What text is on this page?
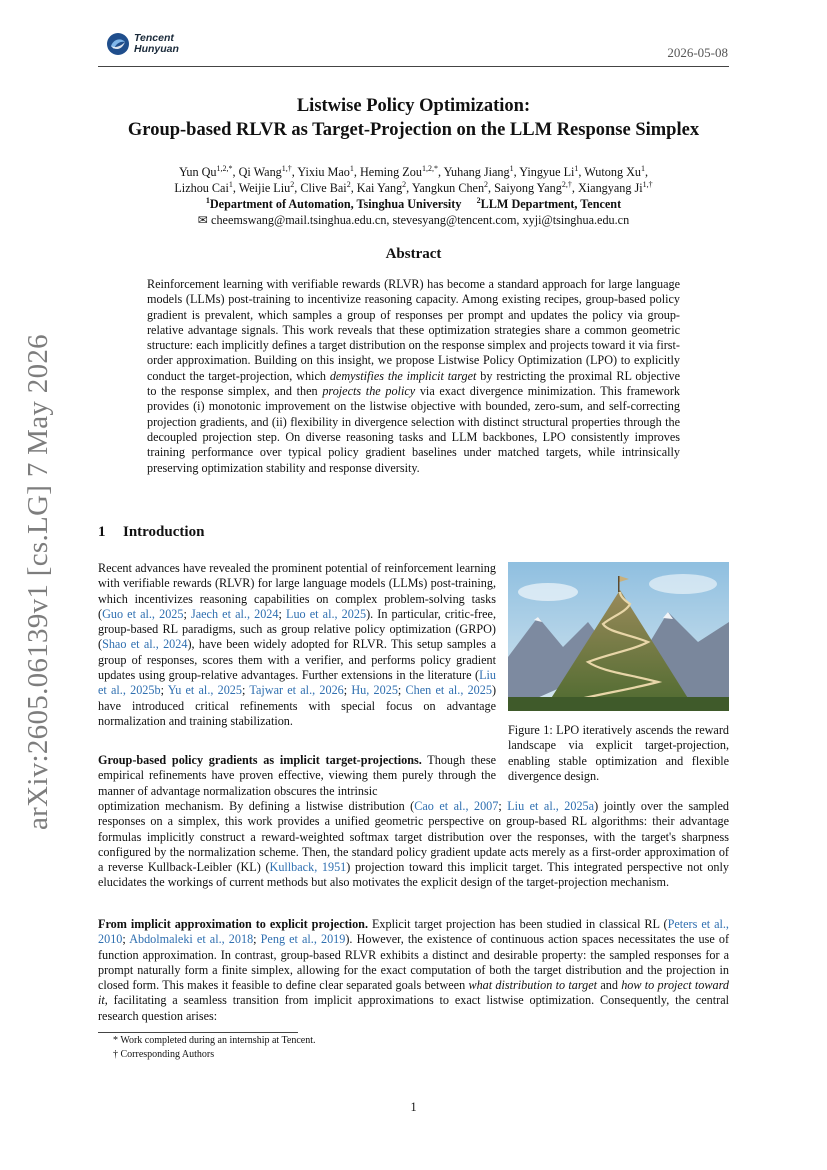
Tencent
Hunyuan	2026-05-08
arXiv:2605.06139v1 [cs.LG] 7 May 2026
Listwise Policy Optimization:
Group-based RLVR as Target-Projection on the LLM Response Simplex
Yun $Qu^{1,2,*}$, Qi Wang$^{1,\dagger}$, Yixiu Mao$^1$, Heming Zou$^{1,2,*}$, Yuhang Jiang$^1$, Yingyue Li$^1$, Wutong Xu$^1$,
Lizhou Cai$^1$, Weijie Liu$^2$, Clive Bai$^2$, Kai Yang$^2$, Yangkun Chen$^2$, Saiyong Yang$^{2,\dagger}$, Xiangyang $Ji^{1,\dagger}$
$^1$Department of Automation, Tsinghua University     $^2$LLM Department, Tencent
✉ cheemswang@mail.tsinghua.edu.cn, stevesyang@tencent.com, xyji@tsinghua.edu.cn
Abstract
Reinforcement learning with verifiable rewards (RLVR) has become a standard approach for large language models (LLMs) post-training to incentivize reasoning capacity. Among existing recipes, group-based policy gradient is prevalent, which samples a group of responses per prompt and updates the policy via group-relative advantage signals. This work reveals that these optimization strategies share a common geometric structure: each implicitly defines a target distribution on the response simplex and projects toward it via first-order approximation. Building on this insight, we propose Listwise Policy Optimization (LPO) to explicitly conduct the target-projection, which demystifies the implicit target by restricting the proximal RL objective to the response simplex, and then projects the policy via exact divergence minimization. This framework provides (i) monotonic improvement on the listwise objective with bounded, zero-sum, and self-correcting projection gradients, and (ii) flexibility in divergence selection with distinct structural properties through the decoupled projection step. On diverse reasoning tasks and LLM backbones, LPO consistently improves training performance over typical policy gradient baselines under matched targets, while intrinsically preserving optimization stability and response diversity.
1 Introduction
Recent advances have revealed the prominent potential of reinforcement learning with verifiable rewards (RLVR) for large language models (LLMs) post-training, which incentivizes reasoning capabilities on complex problem-solving tasks (Guo et al., 2025; Jaech et al., 2024; Luo et al., 2025). In particular, critic-free, group-based RL paradigms, such as group relative policy optimization (GRPO) (Shao et al., 2024), have been widely adopted for RLVR. This setup samples a group of responses, scores them with a verifier, and performs policy gradient updates using group-relative advantages. Further extensions in the literature (Liu et al., 2025b; Yu et al., 2025; Tajwar et al., 2026; Hu, 2025; Chen et al., 2025) have introduced critical refinements with special focus on advantage normalization and training stabilization.
Group-based policy gradients as implicit target-projections. Though these empirical refinements have proven effective, viewing them purely through the manner of advantage normalization obscures the intrinsic
optimization mechanism. By defining a listwise distribution (Cao et al., 2007; Liu et al., 2025a) jointly over the sampled responses on a simplex, this work provides a unified geometric perspective on group-based RL algorithms: their advantage formulas implicitly construct a reward-weighted softmax target distribution over the responses, with the target's sharpness configured by the normalization scheme. Then, the standard policy gradient update acts merely as a first-order approximation of a reverse Kullback-Leibler (KL) (Kullback, 1951) projection toward this implicit target. This integrated perspective not only elucidates the workings of current methods but also motivates the explicit design of the target-projection mechanism.
From implicit approximation to explicit projection. Explicit target projection has been studied in classical RL (Peters et al., 2010; Abdolmaleki et al., 2018; Peng et al., 2019). However, the existence of continuous action spaces necessitates the use of function approximation. In contrast, group-based RLVR exhibits a distinct and desirable property: the sampled responses for a prompt naturally form a finite simplex, allowing for the exact computation of both the target distribution and the projection in closed form. This makes it feasible to define clear separated goals between what distribution to target and how to project toward it, facilitating a seamless transition from implicit approximations to exact listwise optimization. Consequently, the central research question arises:
Figure 1: LPO iteratively ascends the reward landscape via explicit target-projection, enabling stable optimization and flexible divergence design.
* Work completed during an internship at Tencent.
† Corresponding Authors
1
